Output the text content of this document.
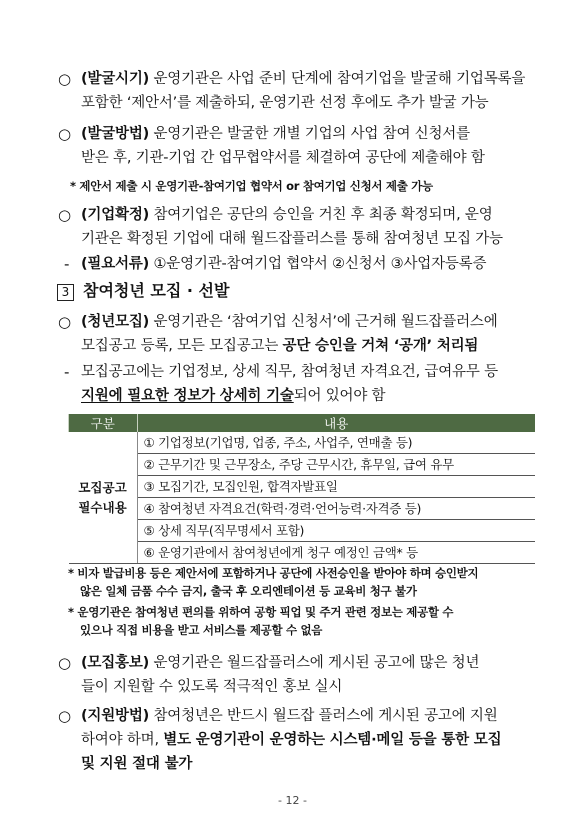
○ (발굴시기) 운영기관은 사업 준비 단계에 참여기업을 발굴해 기업목록을
포함한 ‘제안서’를 제출하되, 운영기관 선정 후에도 추가 발굴 가능
○ (발굴방법) 운영기관은 발굴한 개별 기업의 사업 참여 신청서를
받은 후, 기관-기업 간 업무협약서를 체결하여 공단에 제출해야 함
* 제안서 제출 시 운영기관-참여기업 협약서 or 참여기업 신청서 제출 가능
○ (기업확정) 참여기업은 공단의 승인을 거친 후 최종 확정되며, 운영
기관은 확정된 기업에 대해 월드잡플러스를 통해 참여청년 모집 가능
- (필요서류) ①운영기관-참여기업 협약서 ②신청서 ③사업자등록증
3 참여청년 모집 · 선발
○ (청년모집) 운영기관은 ‘참여기업 신청서’에 근거해 월드잡플러스에
모집공고 등록, 모든 모집공고는 공단 승인을 거쳐 ‘공개’ 처리됨
- 모집공고에는 기업정보, 상세 직무, 참여청년 자격요건, 급여유무 등
지원에 필요한 정보가 상세히 기술되어 있어야 함
구분	내용
모집공고
필수내용	① 기업정보(기업명, 업종, 주소, 사업주, 연매출 등)
	② 근무기간 및 근무장소, 주당 근무시간, 휴무일, 급여 유무
	③ 모집기간, 모집인원, 합격자발표일
	④ 참여청년 자격요건(학력·경력·언어능력·자격증 등)
	⑤ 상세 직무(직무명세서 포함)
	⑥ 운영기관에서 참여청년에게 청구 예정인 금액* 등
* 비자 발급비용 등은 제안서에 포함하거나 공단에 사전승인을 받아야 하며 승인받지
않은 일체 금품 수수 금지, 출국 후 오리엔테이션 등 교육비 청구 불가
* 운영기관은 참여청년 편의를 위하여 공항 픽업 및 주거 관련 정보는 제공할 수
있으나 직접 비용을 받고 서비스를 제공할 수 없음
○ (모집홍보) 운영기관은 월드잡플러스에 게시된 공고에 많은 청년
들이 지원할 수 있도록 적극적인 홍보 실시
○ (지원방법) 참여청년은 반드시 월드잡 플러스에 게시된 공고에 지원
하여야 하며, 별도 운영기관이 운영하는 시스템·메일 등을 통한 모집
및 지원 절대 불가
- 12 -
